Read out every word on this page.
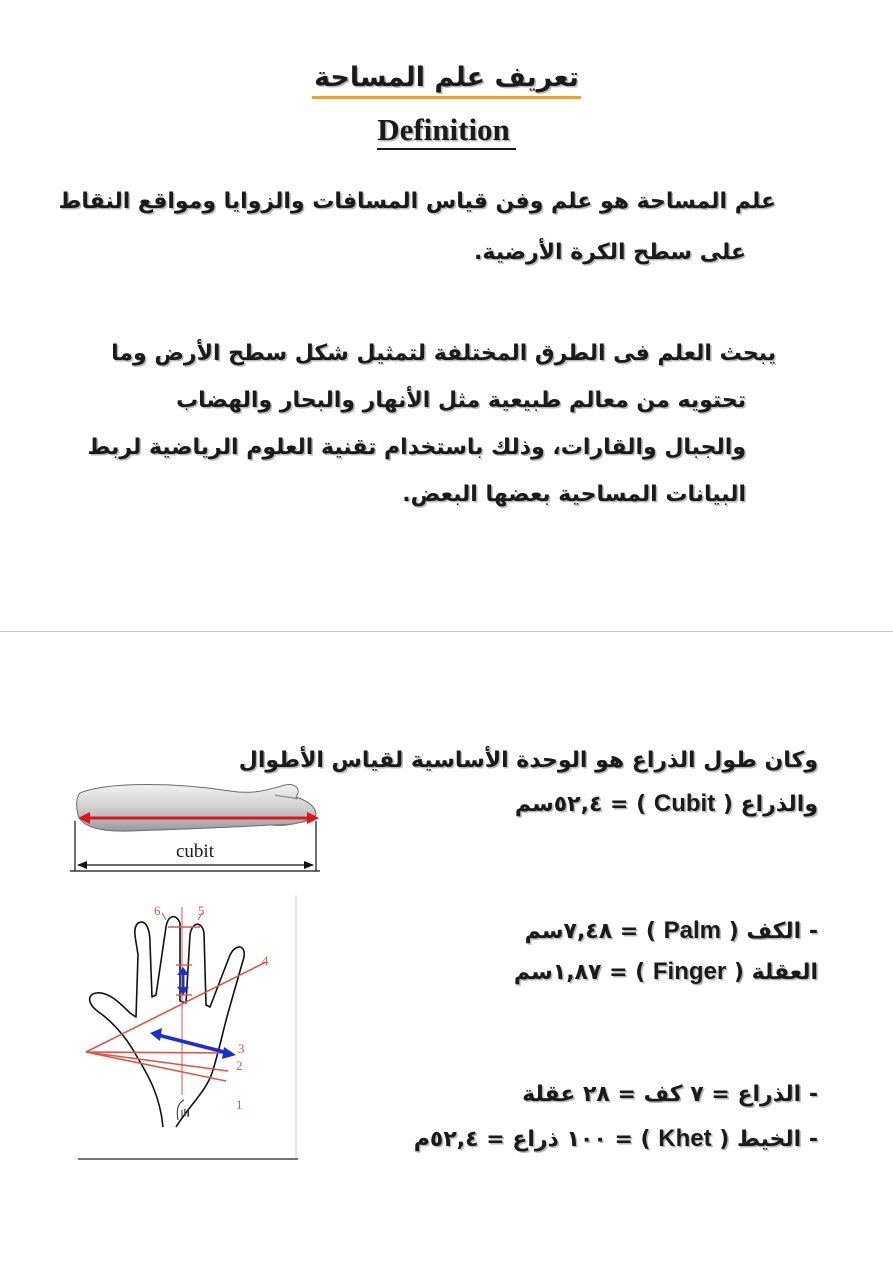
تعريف علم المساحة
Definition
علم المساحة هو علم وفن قياس المسافات والزوايا ومواقع النقاط
على سطح الكرة الأرضية.
يبحث العلم فى الطرق المختلفة لتمثيل شكل سطح الأرض وما
تحتويه من معالم طبيعية مثل الأنهار والبحار والهضاب
والجبال والقارات، وذلك باستخدام تقنية العلوم الرياضية لربط
البيانات المساحية بعضها البعض.
وكان طول الذراع هو الوحدة الأساسية لقياس الأطوال
والذراع ( Cubit ) = ٥٢,٤سم
- الكف ( Palm ) = ٧,٤٨سم
العقلة ( Finger ) = ١,٨٧سم
- الذراع = ٧ كف = ٢٨ عقلة
- الخيط ( Khet ) = ١٠٠ ذراع = ٥٢,٤م
cubit
1
2
3
4
5
6
II
